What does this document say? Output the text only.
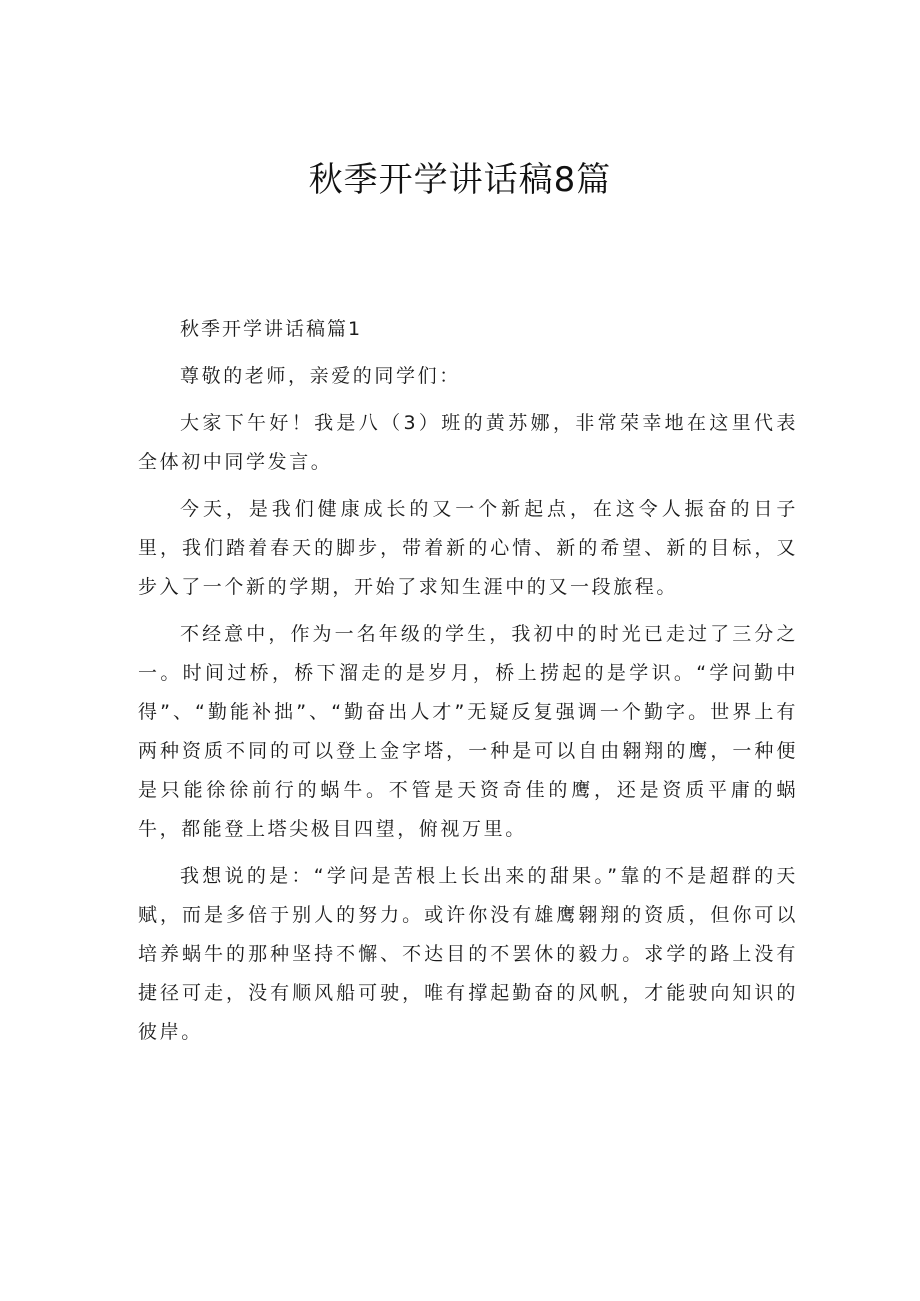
秋季开学讲话稿8篇

秋季开学讲话稿篇1

尊敬的老师，亲爱的同学们：

大家下午好！我是八（3）班的黄苏娜，非常荣幸地在这里代表全体初中同学发言。

今天，是我们健康成长的又一个新起点，在这令人振奋的日子里，我们踏着春天的脚步，带着新的心情、新的希望、新的目标，又步入了一个新的学期，开始了求知生涯中的又一段旅程。

不经意中，作为一名年级的学生，我初中的时光已走过了三分之一。时间过桥，桥下溜走的是岁月，桥上捞起的是学识。“学问勤中得”、“勤能补拙”、“勤奋出人才”无疑反复强调一个勤字。世界上有两种资质不同的可以登上金字塔，一种是可以自由翱翔的鹰，一种便是只能徐徐前行的蜗牛。不管是天资奇佳的鹰，还是资质平庸的蜗牛，都能登上塔尖极目四望，俯视万里。

我想说的是：“学问是苦根上长出来的甜果。”靠的不是超群的天赋，而是多倍于别人的努力。或许你没有雄鹰翱翔的资质，但你可以培养蜗牛的那种坚持不懈、不达目的不罢休的毅力。求学的路上没有捷径可走，没有顺风船可驶，唯有撑起勤奋的风帆，才能驶向知识的彼岸。
